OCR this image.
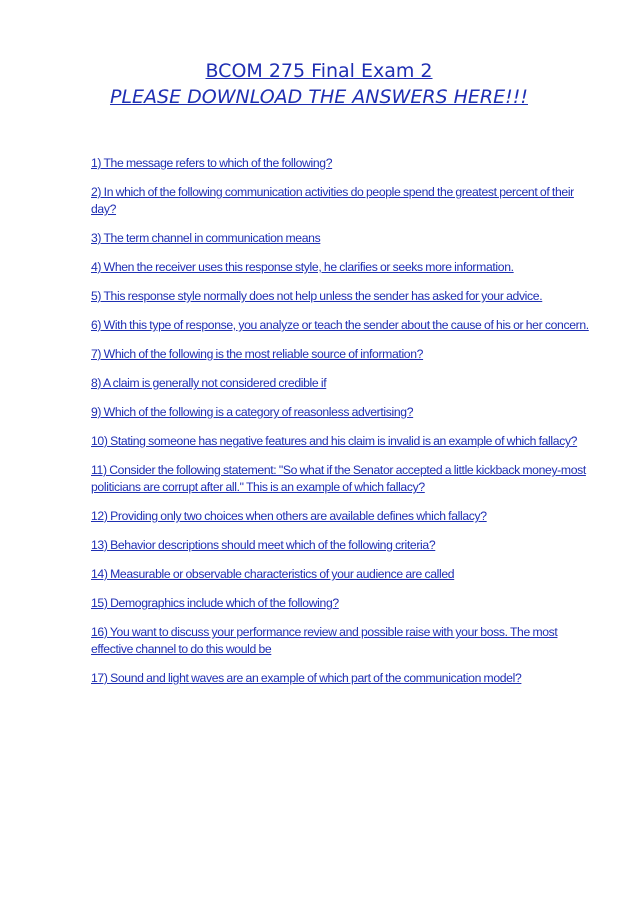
BCOM 275 Final Exam 2
PLEASE DOWNLOAD THE ANSWERS HERE!!!
1) The message refers to which of the following?
2) In which of the following communication activities do people spend the greatest percent of their day?
3) The term channel in communication means
4) When the receiver uses this response style, he clarifies or seeks more information.
5) This response style normally does not help unless the sender has asked for your advice.
6) With this type of response, you analyze or teach the sender about the cause of his or her concern.
7) Which of the following is the most reliable source of information?
8) A claim is generally not considered credible if
9) Which of the following is a category of reasonless advertising?
10) Stating someone has negative features and his claim is invalid is an example of which fallacy?
11) Consider the following statement: "So what if the Senator accepted a little kickback money-most politicians are corrupt after all." This is an example of which fallacy?
12) Providing only two choices when others are available defines which fallacy?
13) Behavior descriptions should meet which of the following criteria?
14) Measurable or observable characteristics of your audience are called
15) Demographics include which of the following?
16) You want to discuss your performance review and possible raise with your boss. The most effective channel to do this would be
17) Sound and light waves are an example of which part of the communication model?
